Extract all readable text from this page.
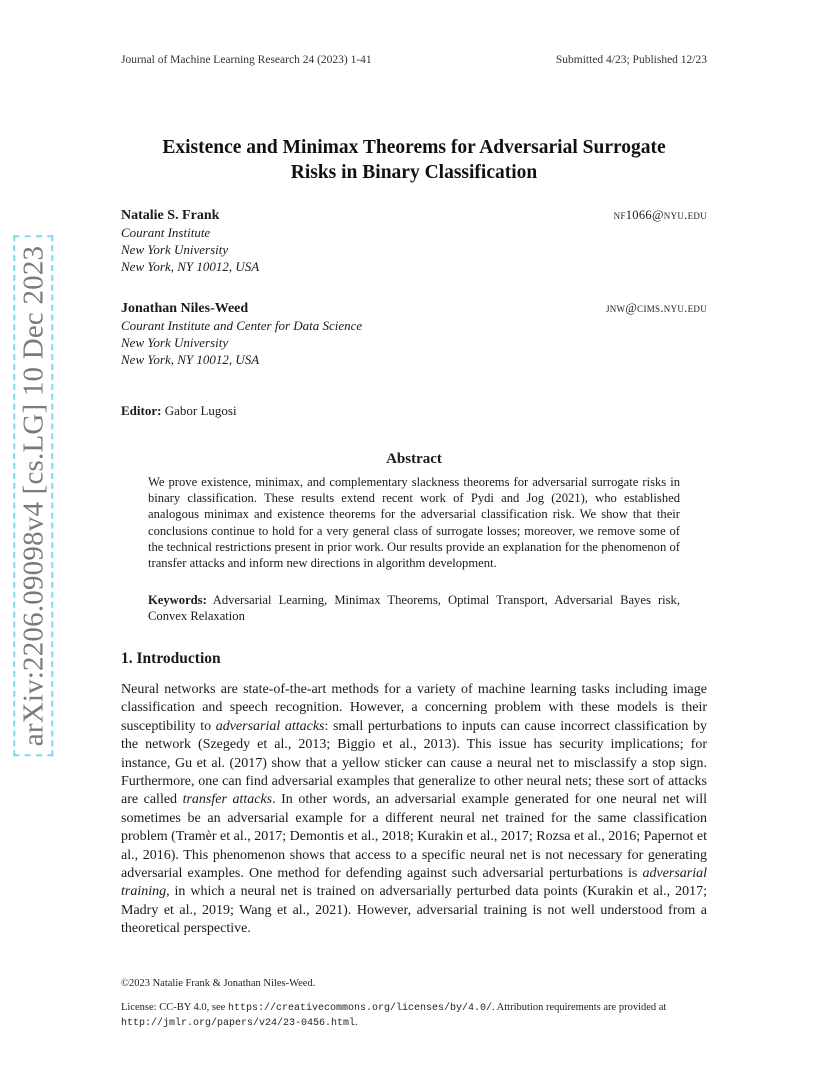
arXiv:2206.09098v4 [cs.LG] 10 Dec 2023
Journal of Machine Learning Research 24 (2023) 1-41	Submitted 4/23; Published 12/23
Existence and Minimax Theorems for Adversarial Surrogate
Risks in Binary Classification
Natalie S. Frank	nf1066@nyu.edu
Courant Institute
New York University
New York, NY 10012, USA
Jonathan Niles-Weed	jnw@cims.nyu.edu
Courant Institute and Center for Data Science
New York University
New York, NY 10012, USA
Editor: Gabor Lugosi
Abstract
We prove existence, minimax, and complementary slackness theorems for adversarial surrogate risks in binary classification. These results extend recent work of Pydi and Jog (2021), who established analogous minimax and existence theorems for the adversarial classification risk. We show that their conclusions continue to hold for a very general class of surrogate losses; moreover, we remove some of the technical restrictions present in prior work. Our results provide an explanation for the phenomenon of transfer attacks and inform new directions in algorithm development.
Keywords: Adversarial Learning, Minimax Theorems, Optimal Transport, Adversarial Bayes risk, Convex Relaxation
1. Introduction
Neural networks are state-of-the-art methods for a variety of machine learning tasks including image classification and speech recognition. However, a concerning problem with these models is their susceptibility to adversarial attacks: small perturbations to inputs can cause incorrect classification by the network (Szegedy et al., 2013; Biggio et al., 2013). This issue has security implications; for instance, Gu et al. (2017) show that a yellow sticker can cause a neural net to misclassify a stop sign. Furthermore, one can find adversarial examples that generalize to other neural nets; these sort of attacks are called transfer attacks. In other words, an adversarial example generated for one neural net will sometimes be an adversarial example for a different neural net trained for the same classification problem (Tramèr et al., 2017; Demontis et al., 2018; Kurakin et al., 2017; Rozsa et al., 2016; Papernot et al., 2016). This phenomenon shows that access to a specific neural net is not necessary for generating adversarial examples. One method for defending against such adversarial perturbations is adversarial training, in which a neural net is trained on adversarially perturbed data points (Kurakin et al., 2017; Madry et al., 2019; Wang et al., 2021). However, adversarial training is not well understood from a theoretical perspective.
©2023 Natalie Frank & Jonathan Niles-Weed.
License: CC-BY 4.0, see https://creativecommons.org/licenses/by/4.0/. Attribution requirements are provided at http://jmlr.org/papers/v24/23-0456.html.
